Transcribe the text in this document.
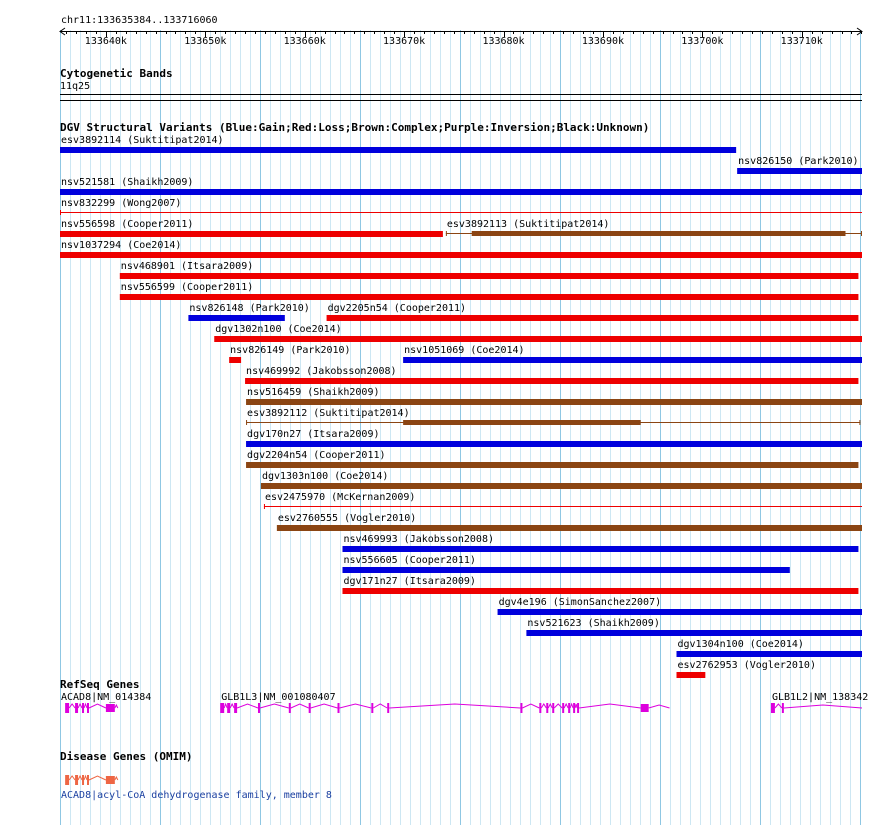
chr11:133635384..133716060
133640k	133650k	133660k	133670k	133680k	133690k	133700k	133710k
Cytogenetic Bands
11q25
DGV Structural Variants (Blue:Gain;Red:Loss;Brown:Complex;Purple:Inversion;Black:Unknown)
esv3892114 (Suktitipat2014)
nsv826150 (Park2010)
nsv521581 (Shaikh2009)
nsv832299 (Wong2007)
nsv556598 (Cooper2011)	esv3892113 (Suktitipat2014)
nsv1037294 (Coe2014)
nsv468901 (Itsara2009)
nsv556599 (Cooper2011)
nsv826148 (Park2010) dgv2205n54 (Cooper2011)
dgv1302n100 (Coe2014)
nsv826149 (Park2010)	nsv1051069 (Coe2014)
nsv469992 (Jakobsson2008)
nsv516459 (Shaikh2009)
esv3892112 (Suktitipat2014)
dgv170n27 (Itsara2009)
dgv2204n54 (Cooper2011)
dgv1303n100 (Coe2014)
esv2475970 (McKernan2009)
esv2760555 (Vogler2010)
nsv469993 (Jakobsson2008)
nsv556605 (Cooper2011)
dgv171n27 (Itsara2009)
dgv4e196 (SimonSanchez2007)
nsv521623 (Shaikh2009)
dgv1304n100 (Coe2014)
esv2762953 (Vogler2010)
RefSeq Genes
ACAD8|NM_014384	GLB1L3|NM_001080407	GLB1L2|NM_138342
Disease Genes (OMIM)
ACAD8|acyl-CoA dehydrogenase family, member 8
